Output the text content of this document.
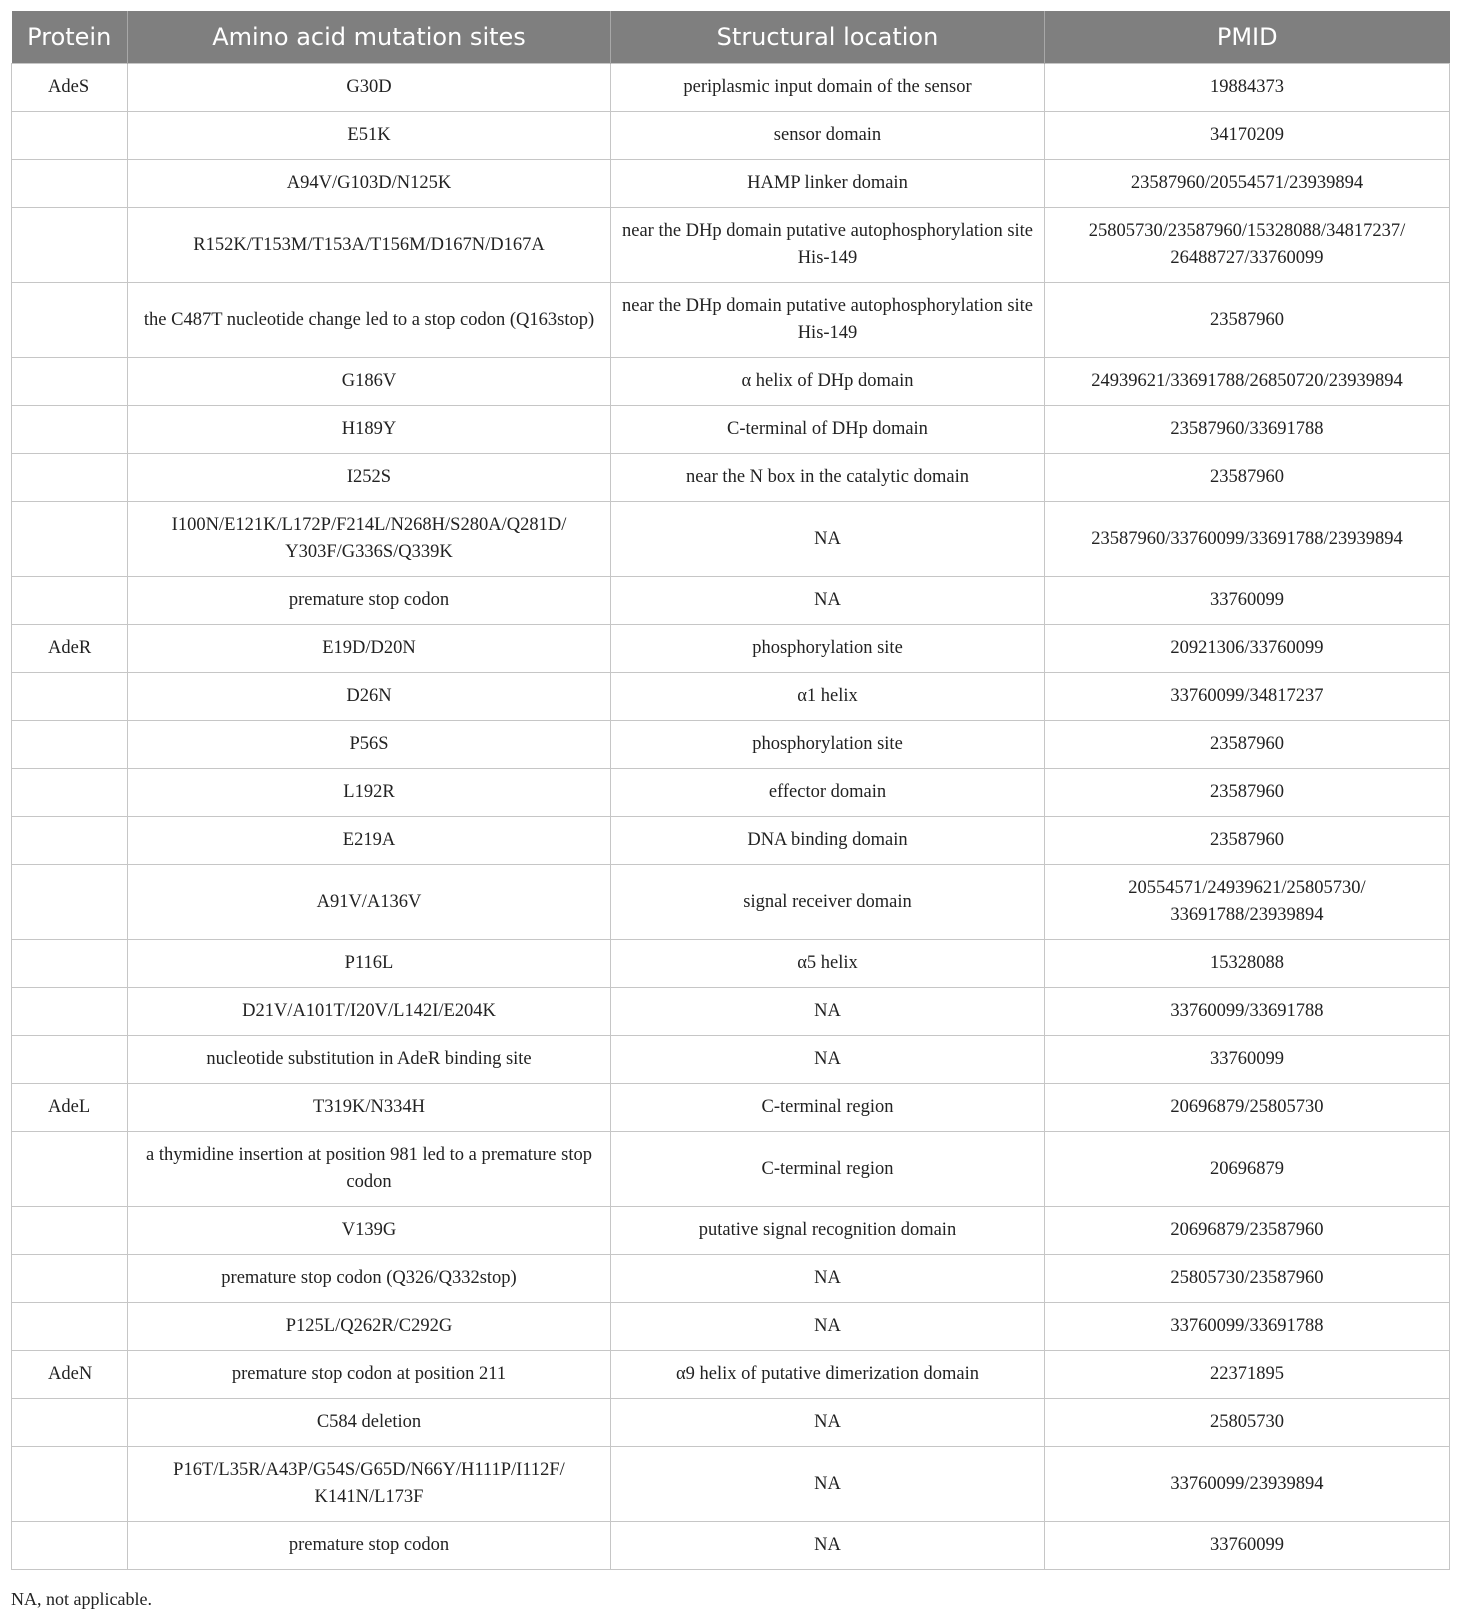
Protein	Amino acid mutation sites	Structural location	PMID
AdeS	G30D	periplasmic input domain of the sensor	19884373
	E51K	sensor domain	34170209
	A94V/G103D/N125K	HAMP linker domain	23587960/20554571/23939894
	R152K/T153M/T153A/T156M/D167N/D167A	near the DHp domain putative autophosphorylation site His-149	25805730/23587960/15328088/34817237/ 26488727/33760099
	the C487T nucleotide change led to a stop codon (Q163stop)	near the DHp domain putative autophosphorylation site His-149	23587960
	G186V	α helix of DHp domain	24939621/33691788/26850720/23939894
	H189Y	C-terminal of DHp domain	23587960/33691788
	I252S	near the N box in the catalytic domain	23587960
	I100N/E121K/L172P/F214L/N268H/S280A/Q281D/ Y303F/G336S/Q339K	NA	23587960/33760099/33691788/23939894
	premature stop codon	NA	33760099
AdeR	E19D/D20N	phosphorylation site	20921306/33760099
	D26N	α1 helix	33760099/34817237
	P56S	phosphorylation site	23587960
	L192R	effector domain	23587960
	E219A	DNA binding domain	23587960
	A91V/A136V	signal receiver domain	20554571/24939621/25805730/ 33691788/23939894
	P116L	α5 helix	15328088
	D21V/A101T/I20V/L142I/E204K	NA	33760099/33691788
	nucleotide substitution in AdeR binding site	NA	33760099
AdeL	T319K/N334H	C-terminal region	20696879/25805730
	a thymidine insertion at position 981 led to a premature stop codon	C-terminal region	20696879
	V139G	putative signal recognition domain	20696879/23587960
	premature stop codon (Q326/Q332stop)	NA	25805730/23587960
	P125L/Q262R/C292G	NA	33760099/33691788
AdeN	premature stop codon at position 211	α9 helix of putative dimerization domain	22371895
	C584 deletion	NA	25805730
	P16T/L35R/A43P/G54S/G65D/N66Y/H111P/I112F/ K141N/L173F	NA	33760099/23939894
	premature stop codon	NA	33760099
NA, not applicable.
